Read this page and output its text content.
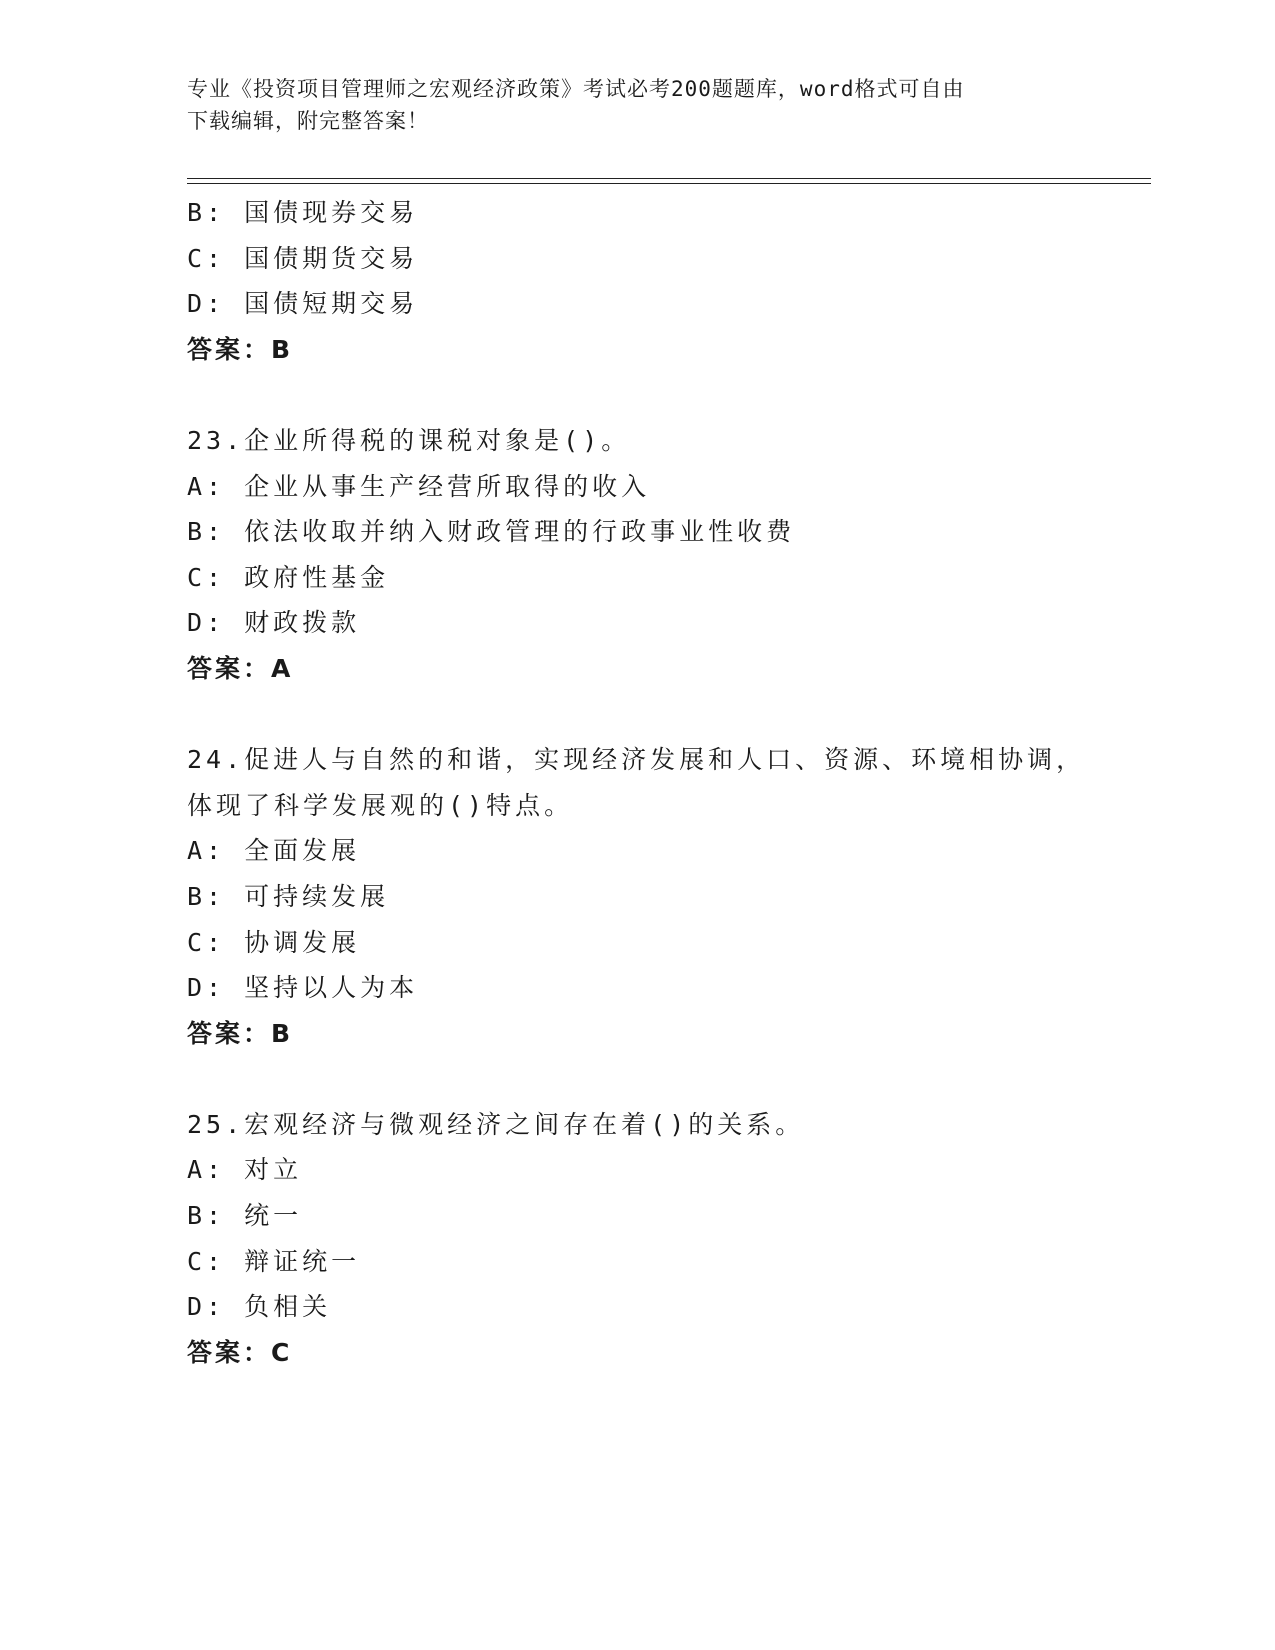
专业《投资项目管理师之宏观经济政策》考试必考200题题库，word格式可自由
下载编辑，附完整答案！
B: 国债现券交易
C: 国债期货交易
D: 国债短期交易
答案：B
23.企业所得税的课税对象是()。
A: 企业从事生产经营所取得的收入
B: 依法收取并纳入财政管理的行政事业性收费
C: 政府性基金
D: 财政拨款
答案：A
24.促进人与自然的和谐，实现经济发展和人口、资源、环境相协调，
体现了科学发展观的()特点。
A: 全面发展
B: 可持续发展
C: 协调发展
D: 坚持以人为本
答案：B
25.宏观经济与微观经济之间存在着()的关系。
A: 对立
B: 统一
C: 辩证统一
D: 负相关
答案：C
